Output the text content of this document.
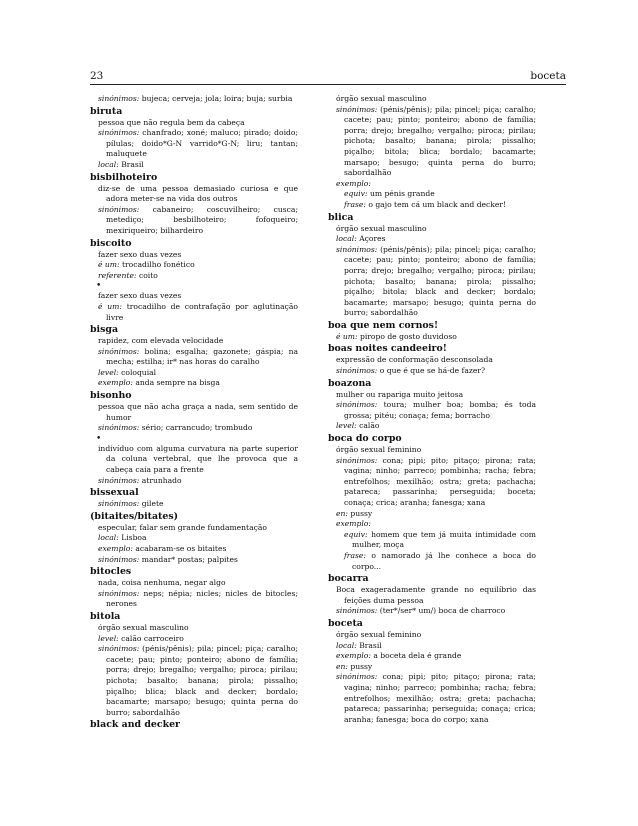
23	boceta
sinónimos: bujeca; cerveja; jola; loira; buja; surbia
biruta
pessoa que não regula bem da cabeça
sinónimos: chanfrado; xoné; maluco; pirado; doido; pílulas; doido*G-N varrido*G-N; liru; tantan; maluquete
local: Brasil
bisbilhoteiro
diz-se de uma pessoa demasiado curiosa e que adora meter-se na vida dos outros
sinónimos: cabaneiro; coscuvilheiro; cusca; metediço; besbilhoteiro; fofoqueiro; mexiriqueiro; bilhardeiro
biscoito
fazer sexo duas vezes
é um: trocadilho fonético
referente: coito
•
fazer sexo duas vezes
é um: trocadilho de contrafação por aglutinação livre
bisga
rapidez, com elevada velocidade
sinónimos: bolina; esgalha; gazonete; gáspia; na mecha; estilha; ir* nas horas do caralho
level: coloquial
exemplo: anda sempre na bisga
bisonho
pessoa que não acha graça a nada, sem sentido de humor
sinónimos: sério; carrancudo; trombudo
•
indivíduo com alguma curvatura na parte superior da coluna vertebral, que lhe provoca que a cabeça caia para a frente
sinónimos: atrunhado
bissexual
sinónimos: gilete
(bitaites/bitates)
especular, falar sem grande fundamentação
local: Lisboa
exemplo: acabaram-se os bitaites
sinónimos: mandar* postas; palpites
bitocles
nada, coisa nenhuma, negar algo
sinónimos: neps; népia; nicles; nicles de bitocles; nerones
bitola
órgão sexual masculino
level: calão carroceiro
sinónimos: (pénis/pênis); pila; pincel; piça; caralho; cacete; pau; pinto; ponteiro; abono de família; porra; drejo; bregalho; vergalho; piroca; pirilau; pichota; basalto; banana; pirola; pissalho; piçalho; blica; black and decker; bordalo; bacamarte; marsapo; besugo; quinta perna do burro; sabordalhão
black and decker
órgão sexual masculino
sinónimos: (pénis/pênis); pila; pincel; piça; caralho; cacete; pau; pinto; ponteiro; abono de família; porra; drejo; bregalho; vergalho; piroca; pirilau; pichota; basalto; banana; pirola; pissalho; piçalho; bitola; blica; bordalo; bacamarte; marsapo; besugo; quinta perna do burro; sabordalhão
exemplo:
equiv: um pénis grande
frase: o gajo tem cá um black and decker!
blica
órgão sexual masculino
local: Açores
sinónimos: (pénis/pênis); pila; pincel; piça; caralho; cacete; pau; pinto; ponteiro; abono de família; porra; drejo; bregalho; vergalho; piroca; pirilau; pichota; basalto; banana; pirola; pissalho; piçalho; bitola; black and decker; bordalo; bacamarte; marsapo; besugo; quinta perna do burro; sabordalhão
boa que nem cornos!
é um: piropo de gosto duvidoso
boas noites candeeiro!
expressão de conformação desconsolada
sinónimos: o que é que se há-de fazer?
boazona
mulher ou rapariga muito jeitosa
sinónimos: toura; mulher boa; bomba; és toda grossa; pitéu; conaça; fema; borracho
level: calão
boca do corpo
órgão sexual feminino
sinónimos: cona; pipi; pito; pitaço; pirona; rata; vagina; ninho; parreco; pombinha; racha; febra; entrefolhos; mexilhão; ostra; greta; pachacha; patareca; passarinha; perseguida; boceta; conaça; crica; aranha; fanesga; xana
en: pussy
exemplo:
equiv: homem que tem já muita intimidade com mulher, moça
frase: o namorado já lhe conhece a boca do corpo...
bocarra
Boca exageradamente grande no equilíbrio das feições duma pessoa
sinónimos: (ter*/ser* um/) boca de charroco
boceta
órgão sexual feminino
local: Brasil
exemplo: a boceta dela é grande
en: pussy
sinónimos: cona; pipi; pito; pitaço; pirona; rata; vagina; ninho; parreco; pombinha; racha; febra; entrefolhos; mexilhão; ostra; greta; pachacha; patareca; passarinha; perseguida; conaça; crica; aranha; fanesga; boca do corpo; xana
